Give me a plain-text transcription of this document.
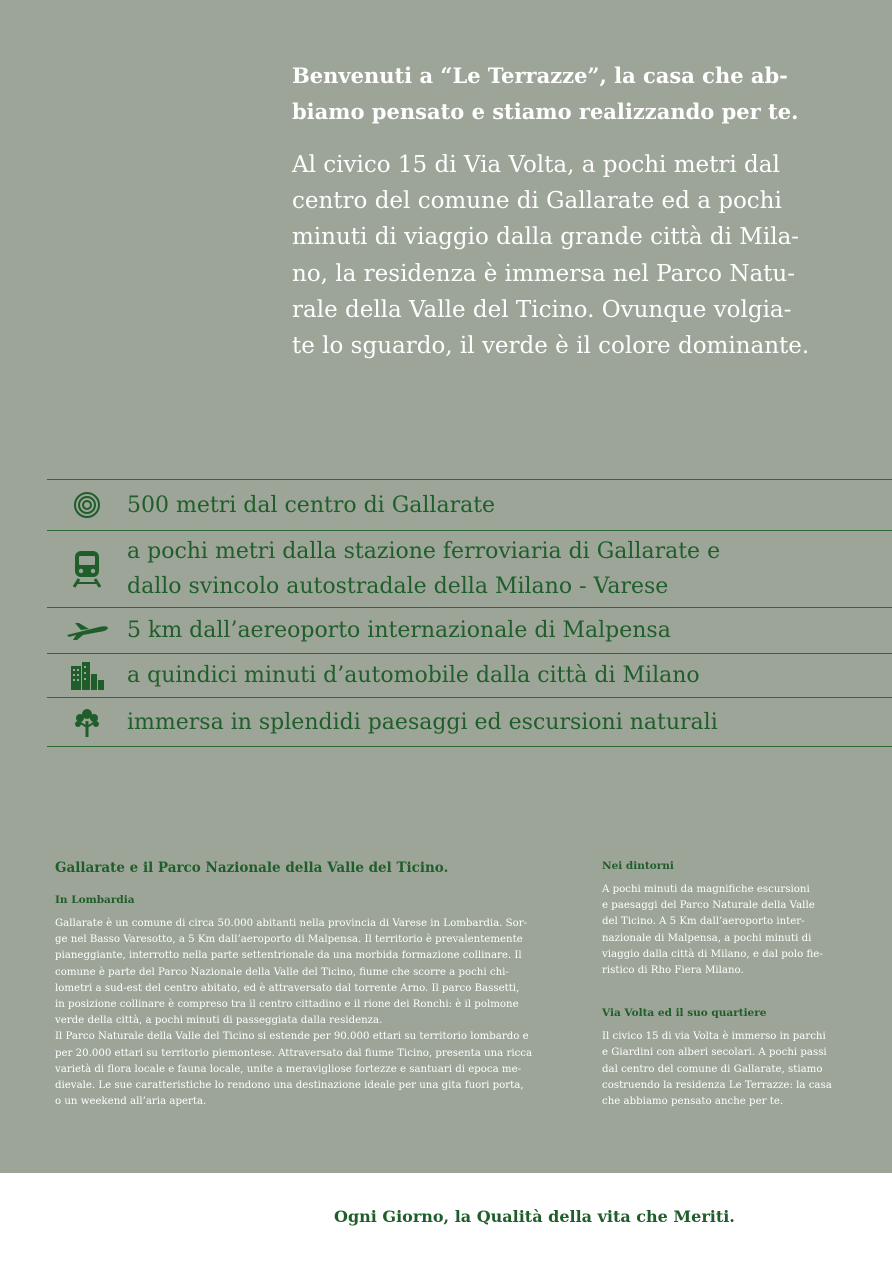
Benvenuti a “Le Terrazze”, la casa che ab-
biamo pensato e stiamo realizzando per te.

Al civico 15 di Via Volta, a pochi metri dal
centro del comune di Gallarate ed a pochi
minuti di viaggio dalla grande città di Mila-
no, la residenza è immersa nel Parco Natu-
rale della Valle del Ticino. Ovunque volgia-
te lo sguardo, il verde è il colore dominante.

500 metri dal centro di Gallarate
a pochi metri dalla stazione ferroviaria di Gallarate e
dallo svincolo autostradale della Milano - Varese
5 km dall’aereoporto internazionale di Malpensa
a quindici minuti d’automobile dalla città di Milano
immersa in splendidi paesaggi ed escursioni naturali

Gallarate e il Parco Nazionale della Valle del Ticino.

In Lombardia

Gallarate è un comune di circa 50.000 abitanti nella provincia di Varese in Lombardia. Sor-
ge nel Basso Varesotto, a 5 Km dall’aeroporto di Malpensa. Il territorio è prevalentemente
pianeggiante, interrotto nella parte settentrionale da una morbida formazione collinare. Il
comune è parte del Parco Nazionale della Valle del Ticino, fiume che scorre a pochi chi-
lometri a sud-est del centro abitato, ed è attraversato dal torrente Arno. Il parco Bassetti,
in posizione collinare è compreso tra il centro cittadino e il rione dei Ronchi: è il polmone
verde della città, a pochi minuti di passeggiata dalla residenza.
Il Parco Naturale della Valle del Ticino si estende per 90.000 ettari su territorio lombardo e
per 20.000 ettari su territorio piemontese. Attraversato dal fiume Ticino, presenta una ricca
varietà di flora locale e fauna locale, unite a meravigliose fortezze e santuari di epoca me-
dievale. Le sue caratteristiche lo rendono una destinazione ideale per una gita fuori porta,
o un weekend all’aria aperta.

Nei dintorni

A pochi minuti da magnifiche escursioni
e paesaggi del Parco Naturale della Valle
del Ticino. A 5 Km dall’aeroporto inter-
nazionale di Malpensa, a pochi minuti di
viaggio dalla città di Milano, e dal polo fie-
ristico di Rho Fiera Milano.

Via Volta ed il suo quartiere

Il civico 15 di via Volta è immerso in parchi
e Giardini con alberi secolari. A pochi passi
dal centro del comune di Gallarate, stiamo
costruendo la residenza Le Terrazze: la casa
che abbiamo pensato anche per te.

Ogni Giorno, la Qualità della vita che Meriti.
